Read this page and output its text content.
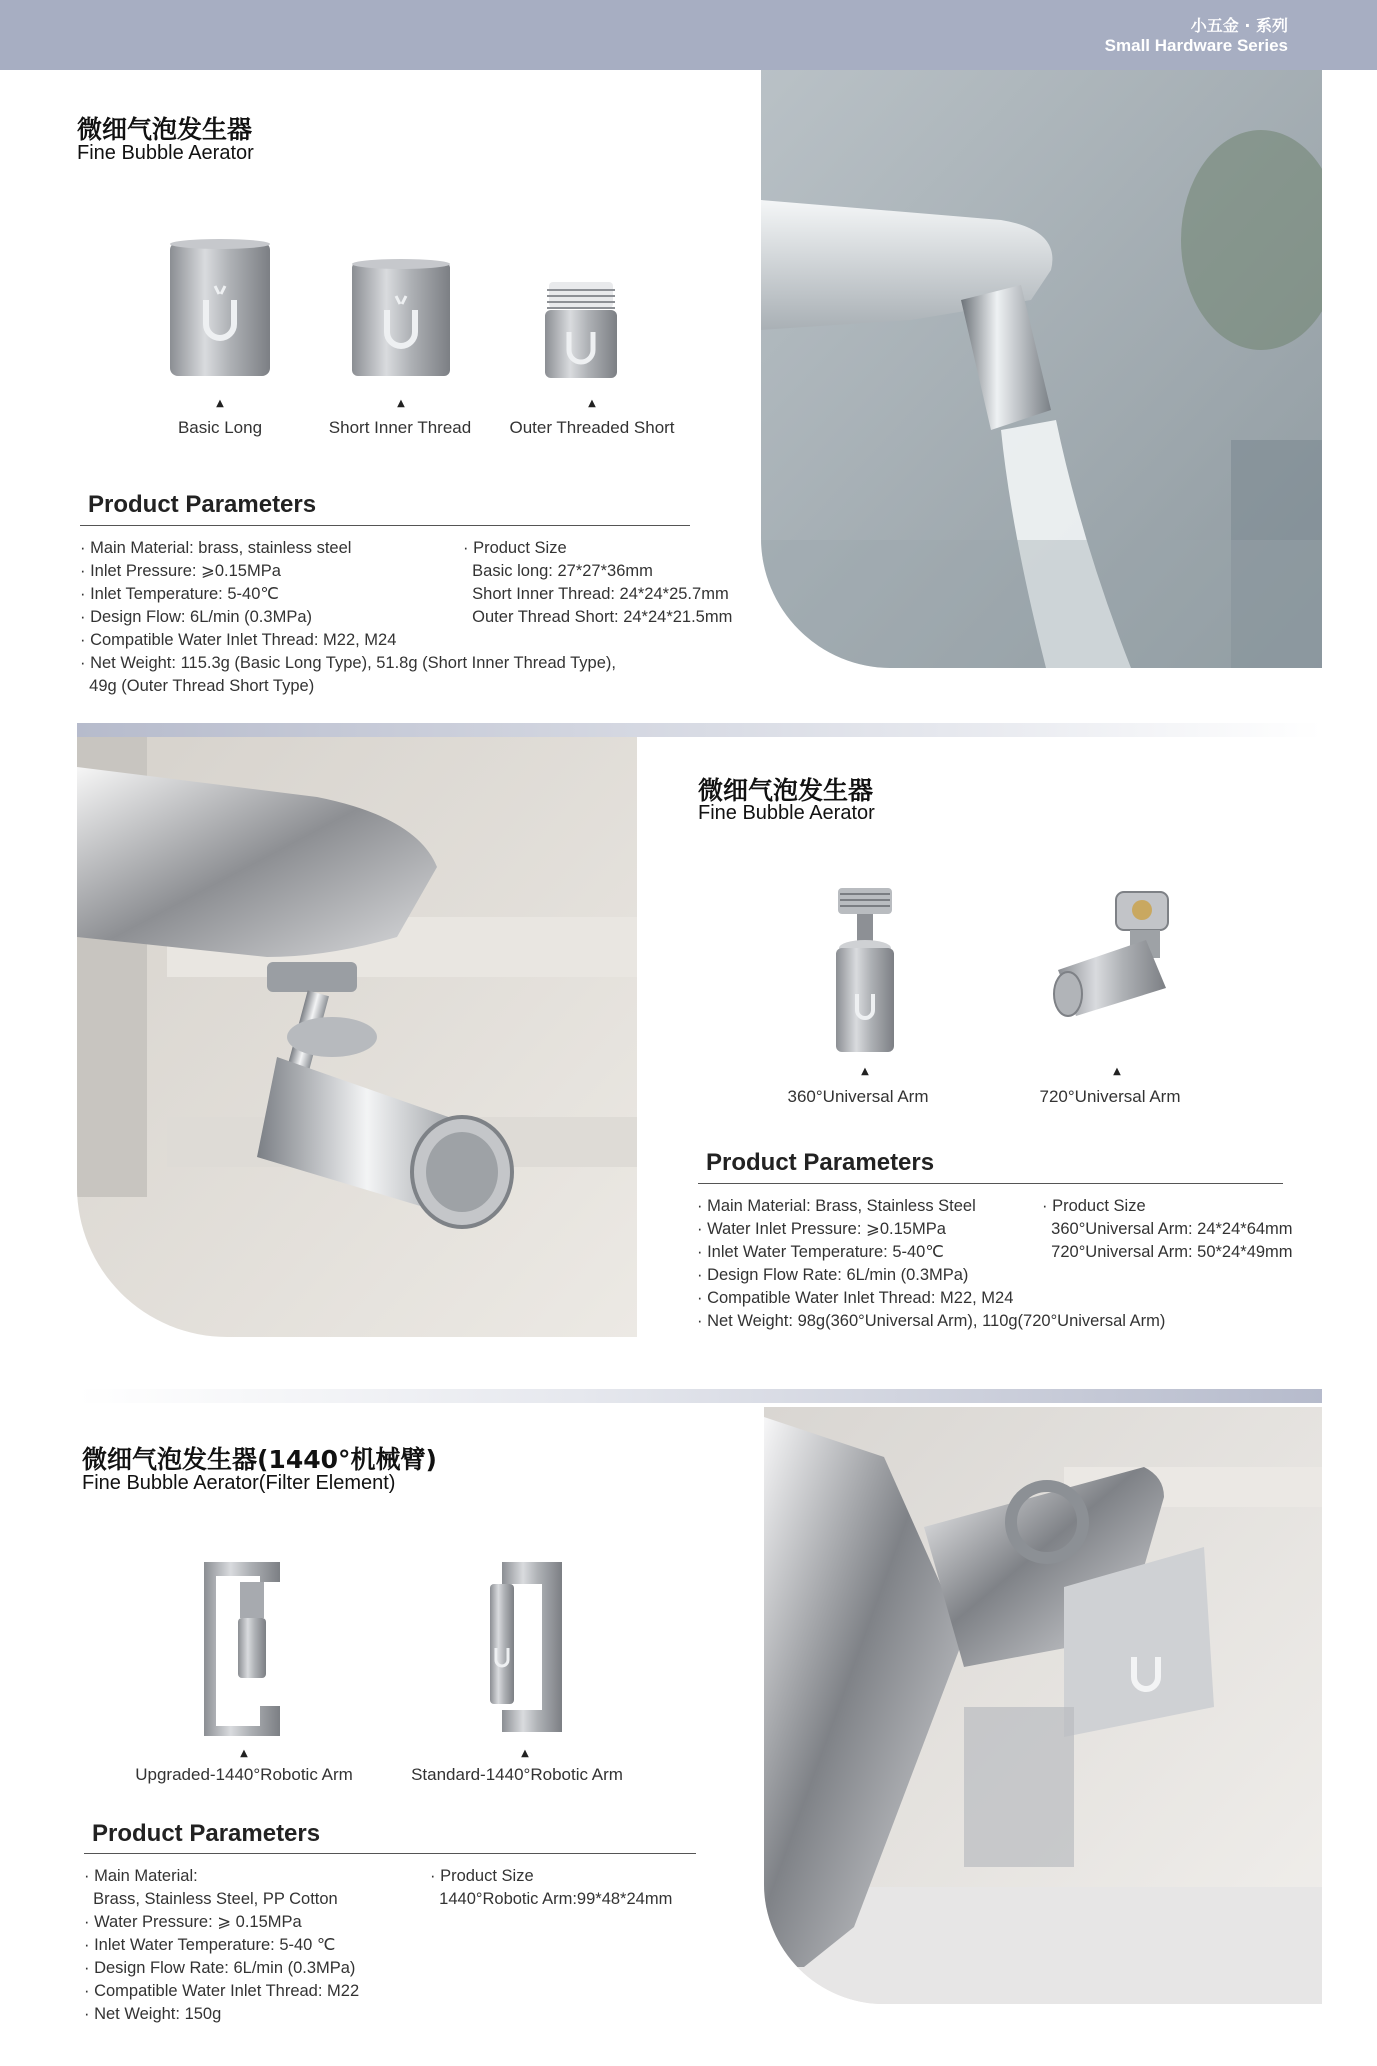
小五金 · 系列
Small Hardware Series
微细气泡发生器
Fine Bubble Aerator
▲	▲	▲
Basic Long	Short Inner Thread	Outer Threaded Short
Product Parameters
· Main Material: brass, stainless steel
· Inlet Pressure: ⩾0.15MPa
· Inlet Temperature: 5-40℃
· Design Flow: 6L/min (0.3MPa)
· Compatible Water Inlet Thread: M22, M24
· Net Weight: 115.3g (Basic Long Type), 51.8g (Short Inner Thread Type),
49g (Outer Thread Short Type)
· Product Size
Basic long: 27*27*36mm
Short Inner Thread: 24*24*25.7mm
Outer Thread Short: 24*24*21.5mm
微细气泡发生器
Fine Bubble Aerator
▲	▲
360°Universal Arm	720°Universal Arm
Product Parameters
· Main Material: Brass, Stainless Steel
· Water Inlet Pressure: ⩾0.15MPa
· Inlet Water Temperature: 5-40℃
· Design Flow Rate: 6L/min (0.3MPa)
· Compatible Water Inlet Thread: M22, M24
· Net Weight: 98g(360°Universal Arm), 110g(720°Universal Arm)
· Product Size
360°Universal Arm: 24*24*64mm
720°Universal Arm: 50*24*49mm
微细气泡发生器(1440°机械臂)
Fine Bubble Aerator(Filter Element)
▲	▲
Upgraded-1440°Robotic Arm	Standard-1440°Robotic Arm
Product Parameters
· Main Material:
Brass, Stainless Steel, PP Cotton
· Water Pressure: ⩾ 0.15MPa
· Inlet Water Temperature: 5-40 ℃
· Design Flow Rate: 6L/min (0.3MPa)
· Compatible Water Inlet Thread: M22
· Net Weight: 150g
· Product Size
1440°Robotic Arm:99*48*24mm
